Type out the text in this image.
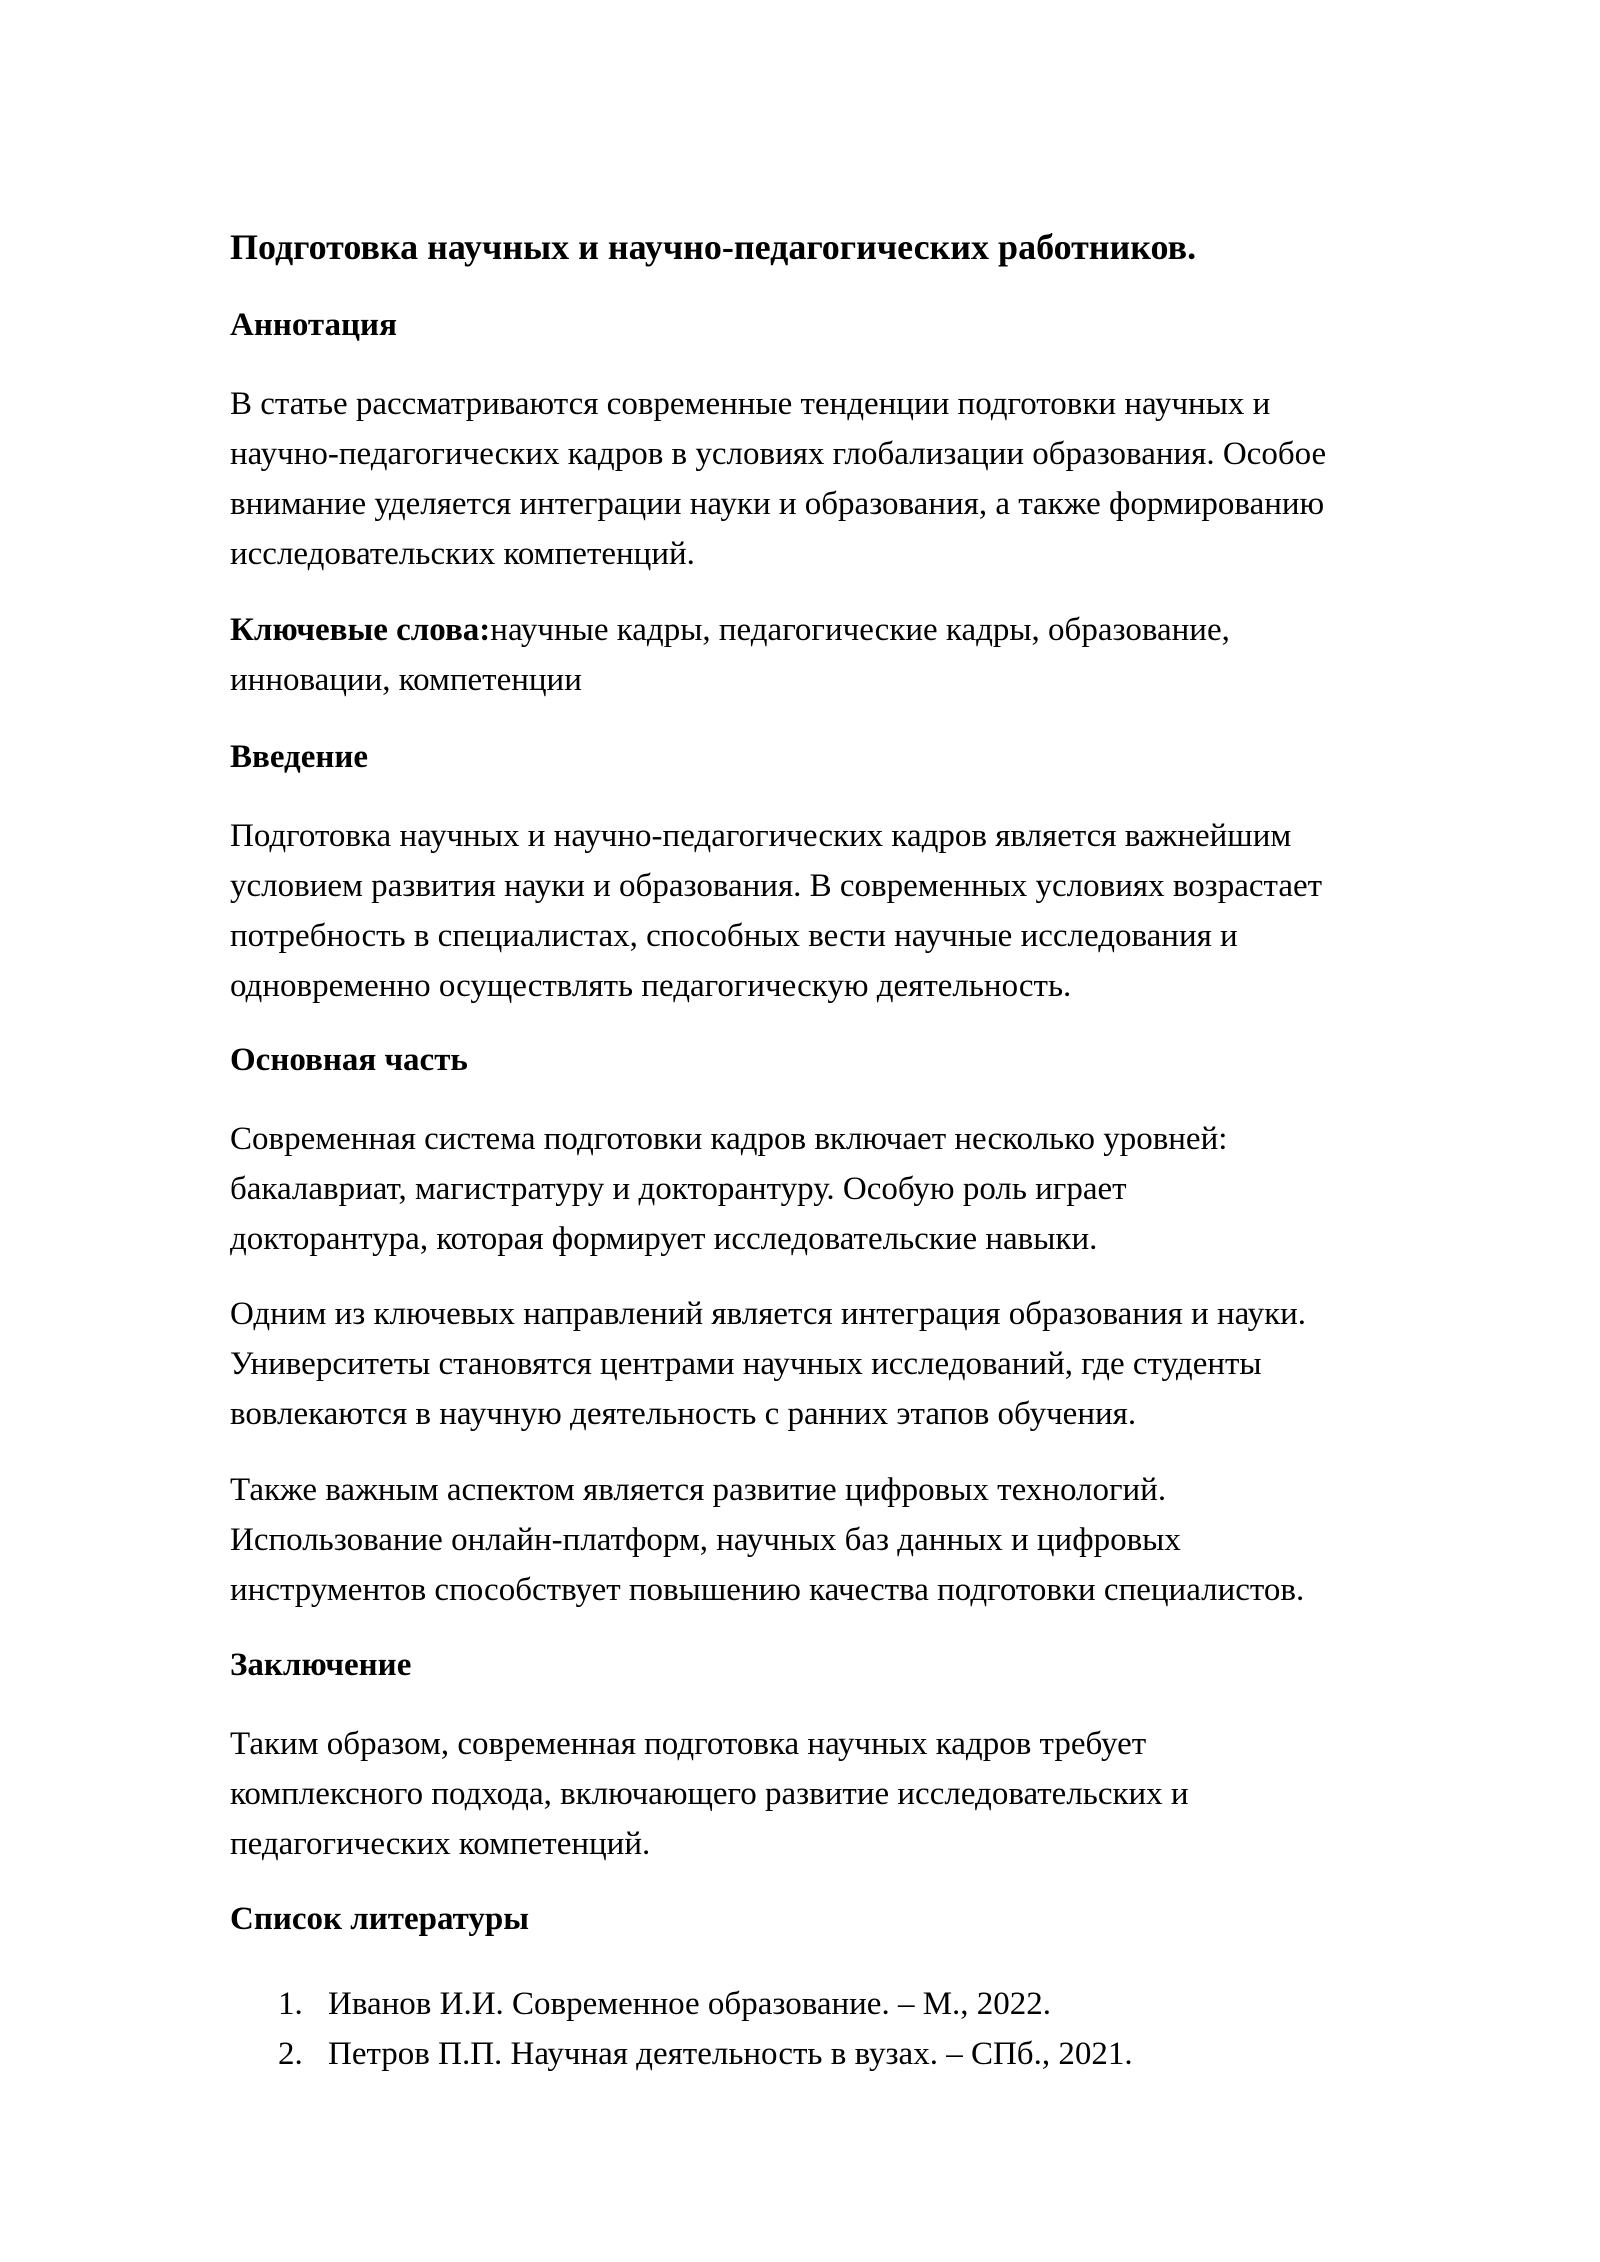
Подготовка научных и научно-педагогических работников.
Аннотация

В статье рассматриваются современные тенденции подготовки научных и
научно-педагогических кадров в условиях глобализации образования. Особое
внимание уделяется интеграции науки и образования, а также формированию
исследовательских компетенций.

Ключевые слова:научные кадры, педагогические кадры, образование,
инновации, компетенции

Введение

Подготовка научных и научно-педагогических кадров является важнейшим
условием развития науки и образования. В современных условиях возрастает
потребность в специалистах, способных вести научные исследования и
одновременно осуществлять педагогическую деятельность.

Основная часть

Современная система подготовки кадров включает несколько уровней:
бакалавриат, магистратуру и докторантуру. Особую роль играет
докторантура, которая формирует исследовательские навыки.

Одним из ключевых направлений является интеграция образования и науки.
Университеты становятся центрами научных исследований, где студенты
вовлекаются в научную деятельность с ранних этапов обучения.

Также важным аспектом является развитие цифровых технологий.
Использование онлайн-платформ, научных баз данных и цифровых
инструментов способствует повышению качества подготовки специалистов.

Заключение

Таким образом, современная подготовка научных кадров требует
комплексного подхода, включающего развитие исследовательских и
педагогических компетенций.

Список литературы
1. Иванов И.И. Современное образование. – М., 2022.
2. Петров П.П. Научная деятельность в вузах. – СПб., 2021.
